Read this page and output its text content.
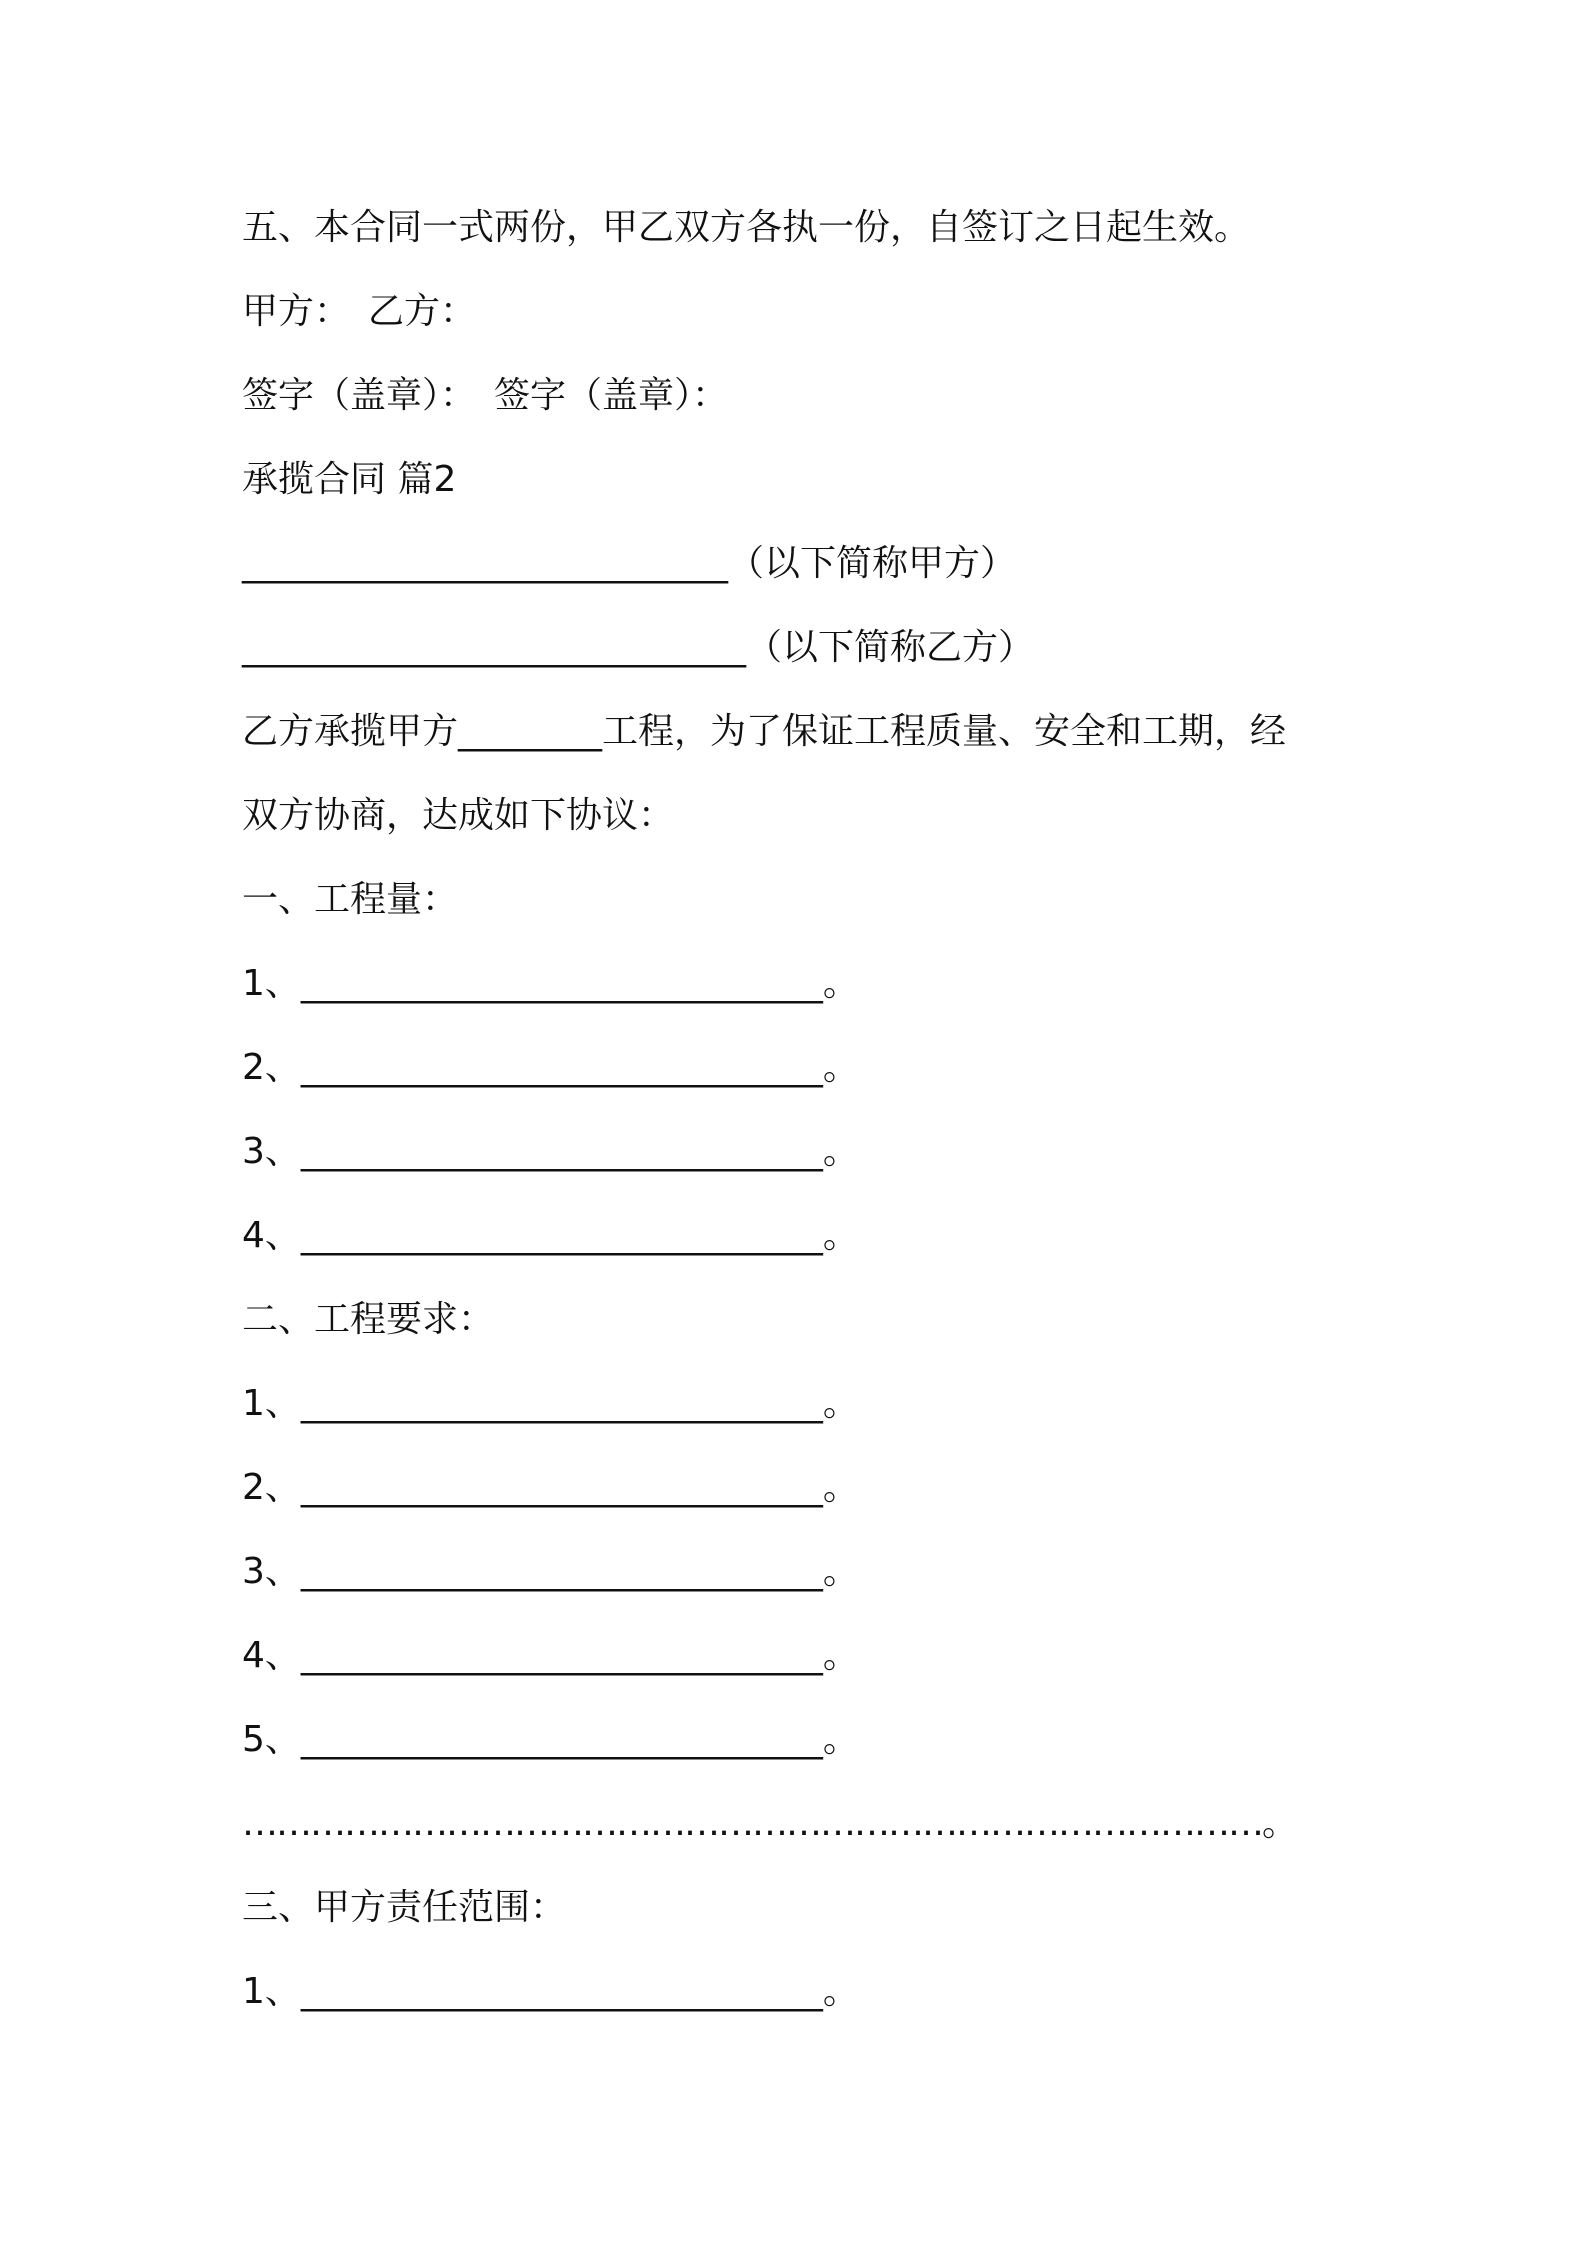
五、本合同一式两份，甲乙双方各执一份，自签订之日起生效。
甲方：　乙方：
签字（盖章）：　签字（盖章）：
承揽合同 篇2
___________________________（以下简称甲方）
____________________________（以下简称乙方）
乙方承揽甲方________工程，为了保证工程质量、安全和工期，经
双方协商，达成如下协议：
一、工程量：
1、_____________________________。
2、_____________________________。
3、_____________________________。
4、_____________________________。
二、工程要求：
1、_____________________________。
2、_____________________________。
3、_____________________________。
4、_____________________________。
5、_____________________________。
………………………………………………………………………………。
三、甲方责任范围：
1、_____________________________。
